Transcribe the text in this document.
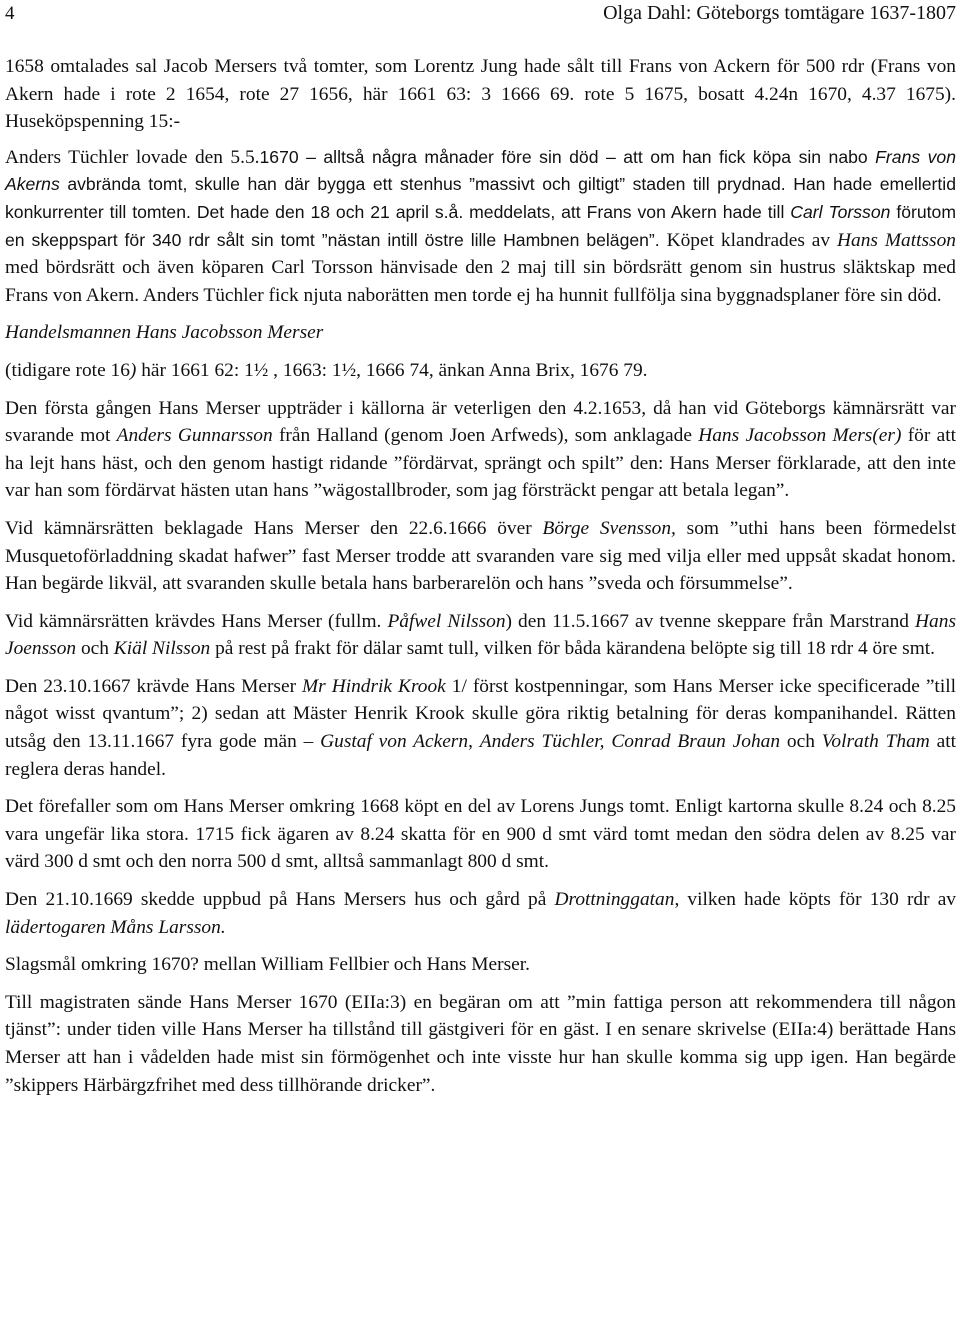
4	Olga Dahl: Göteborgs tomtägare 1637-1807

1658 omtalades sal Jacob Mersers två tomter, som Lorentz Jung hade sålt till Frans von Ackern för 500 rdr (Frans von Akern hade i rote 2 1654, rote 27 1656, här 1661 63: 3 1666 69. rote 5 1675, bosatt 4.24n 1670, 4.37 1675). Huseköpspenning 15:-

Anders Tüchler lovade den 5.5.1670 – alltså några månader före sin död – att om han fick köpa sin nabo Frans von Akerns avbrända tomt, skulle han där bygga ett stenhus ”massivt och giltigt” staden till prydnad. Han hade emellertid konkurrenter till tomten. Det hade den 18 och 21 april s.å. meddelats, att Frans von Akern hade till Carl Torsson förutom en skeppspart för 340 rdr sålt sin tomt ”nästan intill östre lille Hambnen belägen”. Köpet klandrades av Hans Mattsson med bördsrätt och även köparen Carl Torsson hänvisade den 2 maj till sin bördsrätt genom sin hustrus släktskap med Frans von Akern. Anders Tüchler fick njuta naborätten men torde ej ha hunnit fullfölja sina byggnadsplaner före sin död.

Handelsmannen Hans Jacobsson Merser

(tidigare rote 16) här 1661 62: 1½ , 1663: 1½, 1666 74, änkan Anna Brix, 1676 79.

Den första gången Hans Merser uppträder i källorna är veterligen den 4.2.1653, då han vid Göteborgs kämnärsrätt var svarande mot Anders Gunnarsson från Halland (genom Joen Arfweds), som anklagade Hans Jacobsson Mers(er) för att ha lejt hans häst, och den genom hastigt ridande ”fördärvat, sprängt och spilt” den: Hans Merser förklarade, att den inte var han som fördärvat hästen utan hans ”wägostallbroder, som jag försträckt pengar att betala legan”.

Vid kämnärsrätten beklagade Hans Merser den 22.6.1666 över Börge Svensson, som ”uthi hans been förmedelst Musquetoförladdning skadat hafwer” fast Merser trodde att svaranden vare sig med vilja eller med uppsåt skadat honom. Han begärde likväl, att svaranden skulle betala hans barberarelön och hans ”sveda och försummelse”.

Vid kämnärsrätten krävdes Hans Merser (fullm. Påfwel Nilsson) den 11.5.1667 av tvenne skeppare från Marstrand Hans Joensson och Kiäl Nilsson på rest på frakt för dälar samt tull, vilken för båda kärandena belöpte sig till 18 rdr 4 öre smt.

Den 23.10.1667 krävde Hans Merser Mr Hindrik Krook 1/ först kostpenningar, som Hans Merser icke specificerade ”till något wisst qvantum”; 2) sedan att Mäster Henrik Krook skulle göra riktig betalning för deras kompanihandel. Rätten utsåg den 13.11.1667 fyra gode män – Gustaf von Ackern, Anders Tüchler, Conrad Braun Johan och Volrath Tham att reglera deras handel.

Det förefaller som om Hans Merser omkring 1668 köpt en del av Lorens Jungs tomt. Enligt kartorna skulle 8.24 och 8.25 vara ungefär lika stora. 1715 fick ägaren av 8.24 skatta för en 900 d smt värd tomt medan den södra delen av 8.25 var värd 300 d smt och den norra 500 d smt, alltså sammanlagt 800 d smt.

Den 21.10.1669 skedde uppbud på Hans Mersers hus och gård på Drottninggatan, vilken hade köpts för 130 rdr av lädertogaren Måns Larsson.

Slagsmål omkring 1670? mellan William Fellbier och Hans Merser.

Till magistraten sände Hans Merser 1670 (EIIa:3) en begäran om att ”min fattiga person att rekommendera till någon tjänst”: under tiden ville Hans Merser ha tillstånd till gästgiveri för en gäst. I en senare skrivelse (EIIa:4) berättade Hans Merser att han i vådelden hade mist sin förmögenhet och inte visste hur han skulle komma sig upp igen. Han begärde ”skippers Härbärgzfrihet med dess tillhörande dricker”.
